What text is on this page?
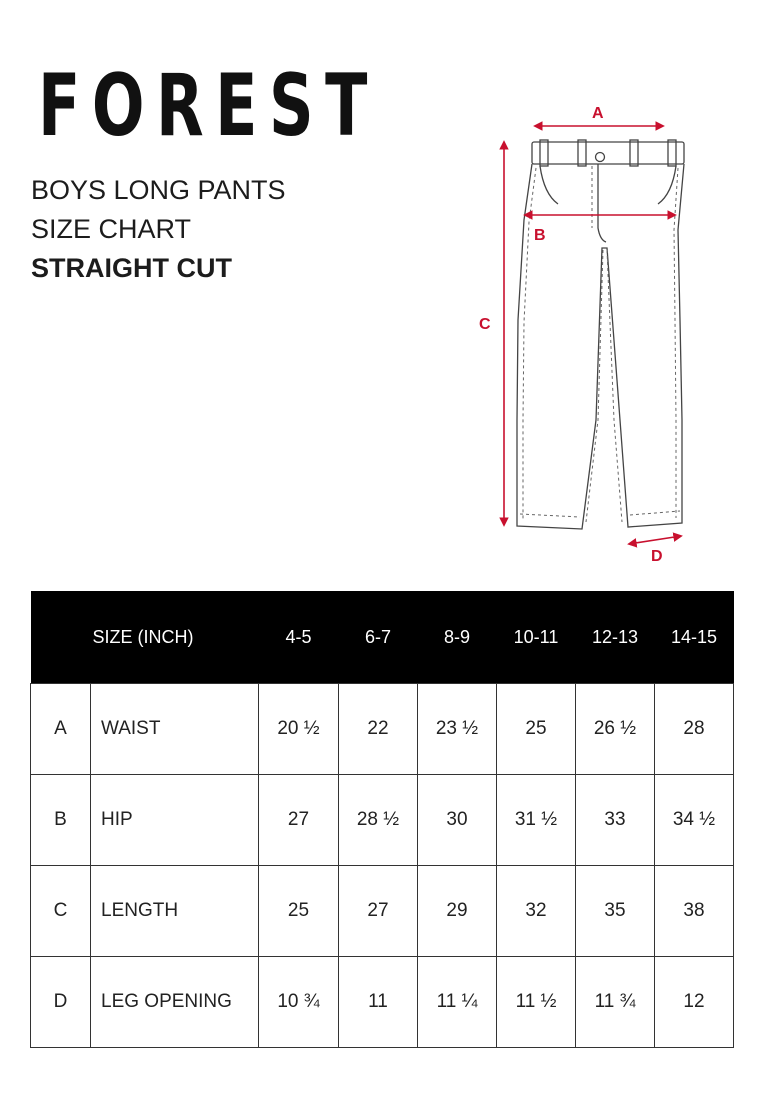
FOREST
BOYS LONG PANTS
SIZE CHART
STRAIGHT CUT
A
B
C
D
SIZE (INCH)		4-5	6-7	8-9	10-11	12-13	14-15
A	WAIST	20 ½	22	23 ½	25	26 ½	28
B	HIP	27	28 ½	30	31 ½	33	34 ½
C	LENGTH	25	27	29	32	35	38
D	LEG OPENING	10 ¾	11	11 ¼	11 ½	11 ¾	12
